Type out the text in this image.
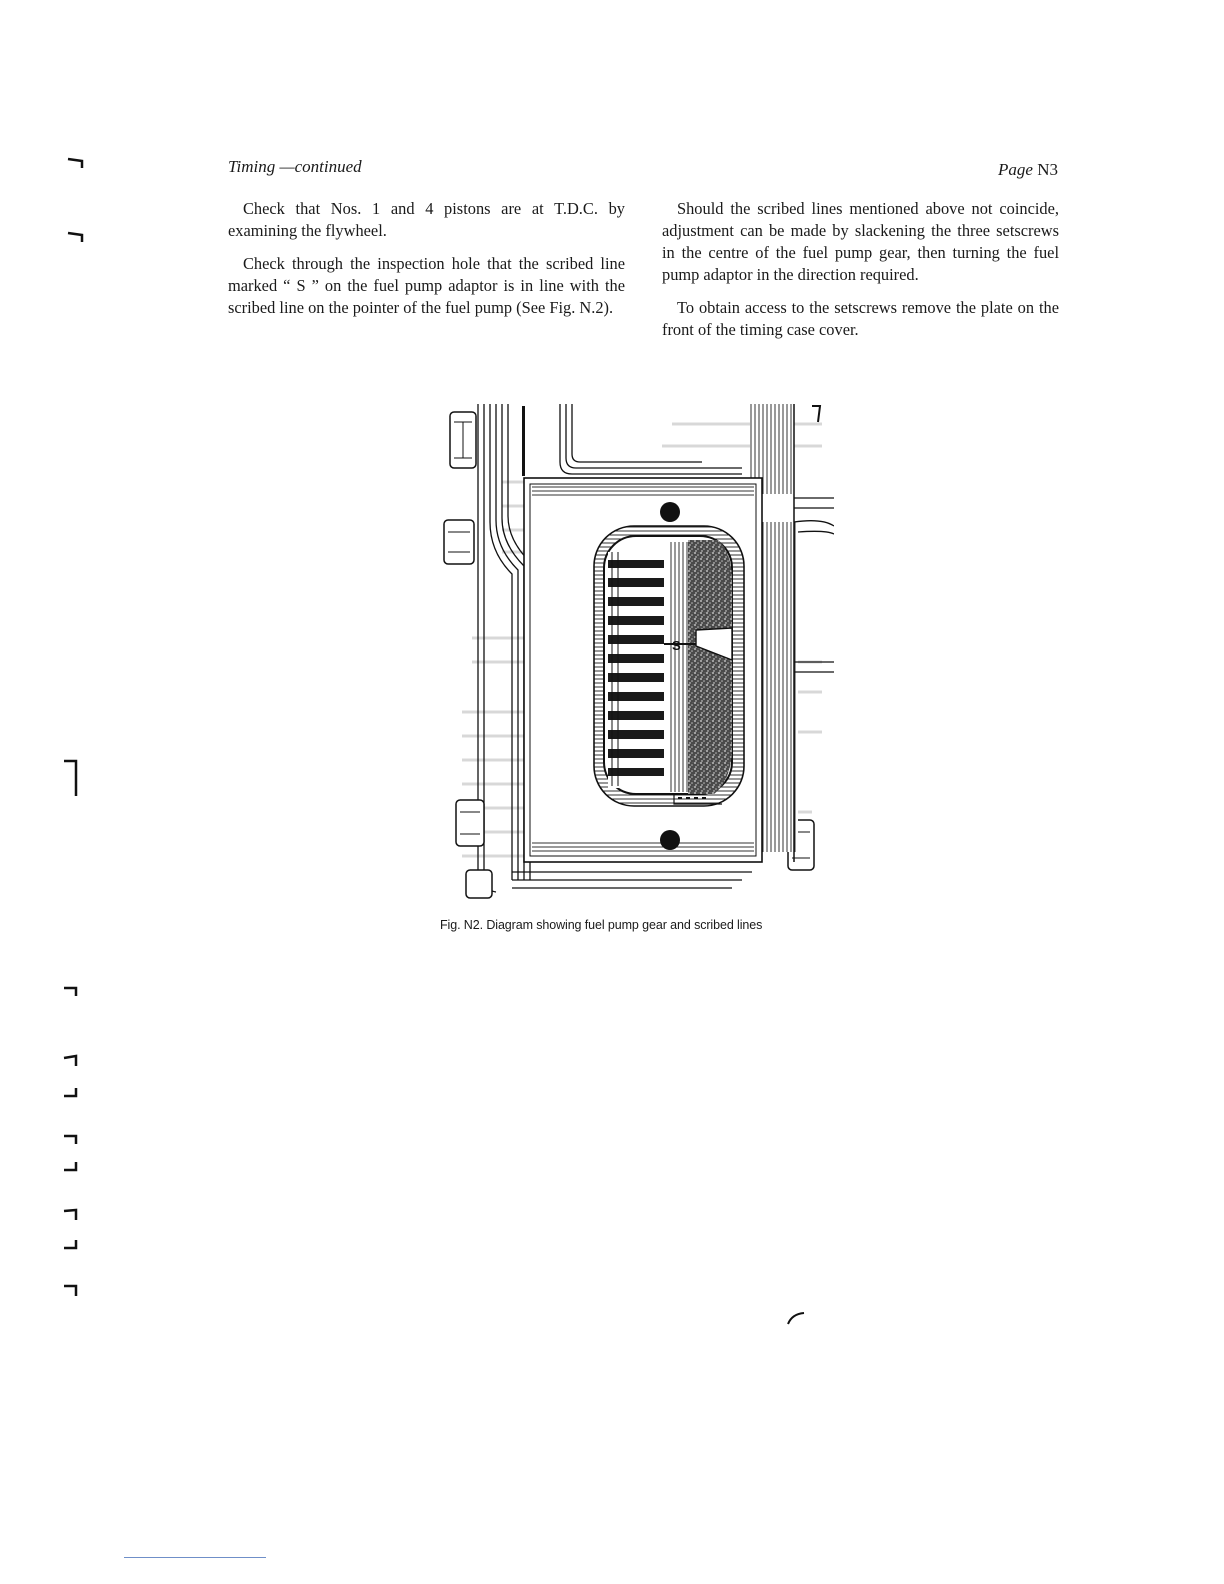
Timing —continued	Page N3

Check that Nos. 1 and 4 pistons are at T.D.C. by examining the flywheel.

Check through the inspection hole that the scribed line marked “ S ” on the fuel pump adaptor is in line with the scribed line on the pointer of the fuel pump (See Fig. N.2).

Should the scribed lines mentioned above not coincide, adjustment can be made by slackening the three setscrews in the centre of the fuel pump gear, then turning the fuel pump adaptor in the direction required.

To obtain access to the setscrews remove the plate on the front of the timing case cover.

S
Fig. N2. Diagram showing fuel pump gear and scribed lines
